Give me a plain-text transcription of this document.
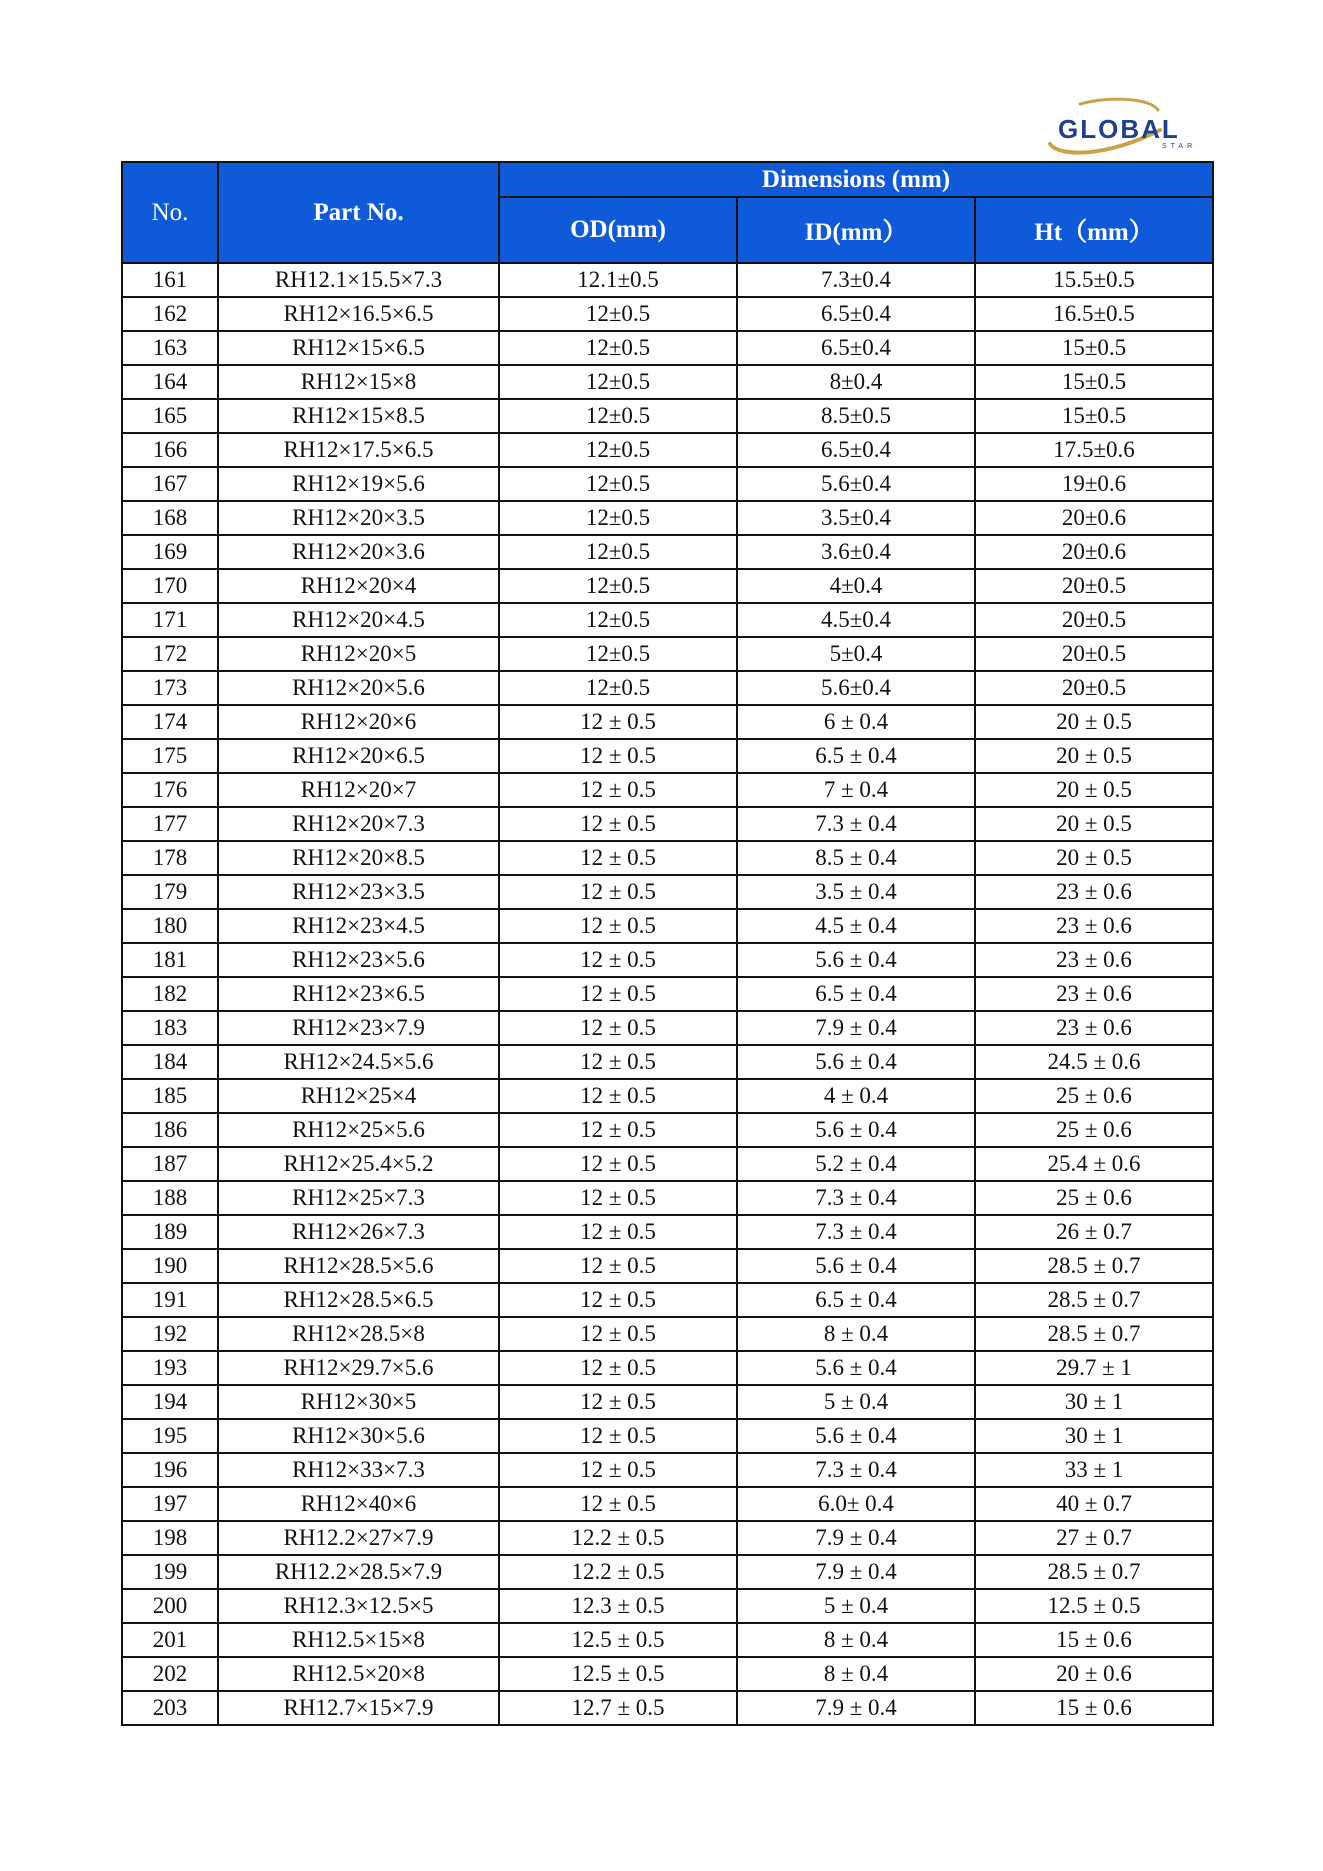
GLOBAL
STAR
No.	Part No.	Dimensions (mm)		
		OD(mm)	ID(mm）	Ht（mm）
161	RH12.1×15.5×7.3	12.1±0.5	7.3±0.4	15.5±0.5
162	RH12×16.5×6.5	12±0.5	6.5±0.4	16.5±0.5
163	RH12×15×6.5	12±0.5	6.5±0.4	15±0.5
164	RH12×15×8	12±0.5	8±0.4	15±0.5
165	RH12×15×8.5	12±0.5	8.5±0.5	15±0.5
166	RH12×17.5×6.5	12±0.5	6.5±0.4	17.5±0.6
167	RH12×19×5.6	12±0.5	5.6±0.4	19±0.6
168	RH12×20×3.5	12±0.5	3.5±0.4	20±0.6
169	RH12×20×3.6	12±0.5	3.6±0.4	20±0.6
170	RH12×20×4	12±0.5	4±0.4	20±0.5
171	RH12×20×4.5	12±0.5	4.5±0.4	20±0.5
172	RH12×20×5	12±0.5	5±0.4	20±0.5
173	RH12×20×5.6	12±0.5	5.6±0.4	20±0.5
174	RH12×20×6	12 ± 0.5	6 ± 0.4	20 ± 0.5
175	RH12×20×6.5	12 ± 0.5	6.5 ± 0.4	20 ± 0.5
176	RH12×20×7	12 ± 0.5	7 ± 0.4	20 ± 0.5
177	RH12×20×7.3	12 ± 0.5	7.3 ± 0.4	20 ± 0.5
178	RH12×20×8.5	12 ± 0.5	8.5 ± 0.4	20 ± 0.5
179	RH12×23×3.5	12 ± 0.5	3.5 ± 0.4	23 ± 0.6
180	RH12×23×4.5	12 ± 0.5	4.5 ± 0.4	23 ± 0.6
181	RH12×23×5.6	12 ± 0.5	5.6 ± 0.4	23 ± 0.6
182	RH12×23×6.5	12 ± 0.5	6.5 ± 0.4	23 ± 0.6
183	RH12×23×7.9	12 ± 0.5	7.9 ± 0.4	23 ± 0.6
184	RH12×24.5×5.6	12 ± 0.5	5.6 ± 0.4	24.5 ± 0.6
185	RH12×25×4	12 ± 0.5	4 ± 0.4	25 ± 0.6
186	RH12×25×5.6	12 ± 0.5	5.6 ± 0.4	25 ± 0.6
187	RH12×25.4×5.2	12 ± 0.5	5.2 ± 0.4	25.4 ± 0.6
188	RH12×25×7.3	12 ± 0.5	7.3 ± 0.4	25 ± 0.6
189	RH12×26×7.3	12 ± 0.5	7.3 ± 0.4	26 ± 0.7
190	RH12×28.5×5.6	12 ± 0.5	5.6 ± 0.4	28.5 ± 0.7
191	RH12×28.5×6.5	12 ± 0.5	6.5 ± 0.4	28.5 ± 0.7
192	RH12×28.5×8	12 ± 0.5	8 ± 0.4	28.5 ± 0.7
193	RH12×29.7×5.6	12 ± 0.5	5.6 ± 0.4	29.7 ± 1
194	RH12×30×5	12 ± 0.5	5 ± 0.4	30 ± 1
195	RH12×30×5.6	12 ± 0.5	5.6 ± 0.4	30 ± 1
196	RH12×33×7.3	12 ± 0.5	7.3 ± 0.4	33 ± 1
197	RH12×40×6	12 ± 0.5	6.0± 0.4	40 ± 0.7
198	RH12.2×27×7.9	12.2 ± 0.5	7.9 ± 0.4	27 ± 0.7
199	RH12.2×28.5×7.9	12.2 ± 0.5	7.9 ± 0.4	28.5 ± 0.7
200	RH12.3×12.5×5	12.3 ± 0.5	5 ± 0.4	12.5 ± 0.5
201	RH12.5×15×8	12.5 ± 0.5	8 ± 0.4	15 ± 0.6
202	RH12.5×20×8	12.5 ± 0.5	8 ± 0.4	20 ± 0.6
203	RH12.7×15×7.9	12.7 ± 0.5	7.9 ± 0.4	15 ± 0.6
